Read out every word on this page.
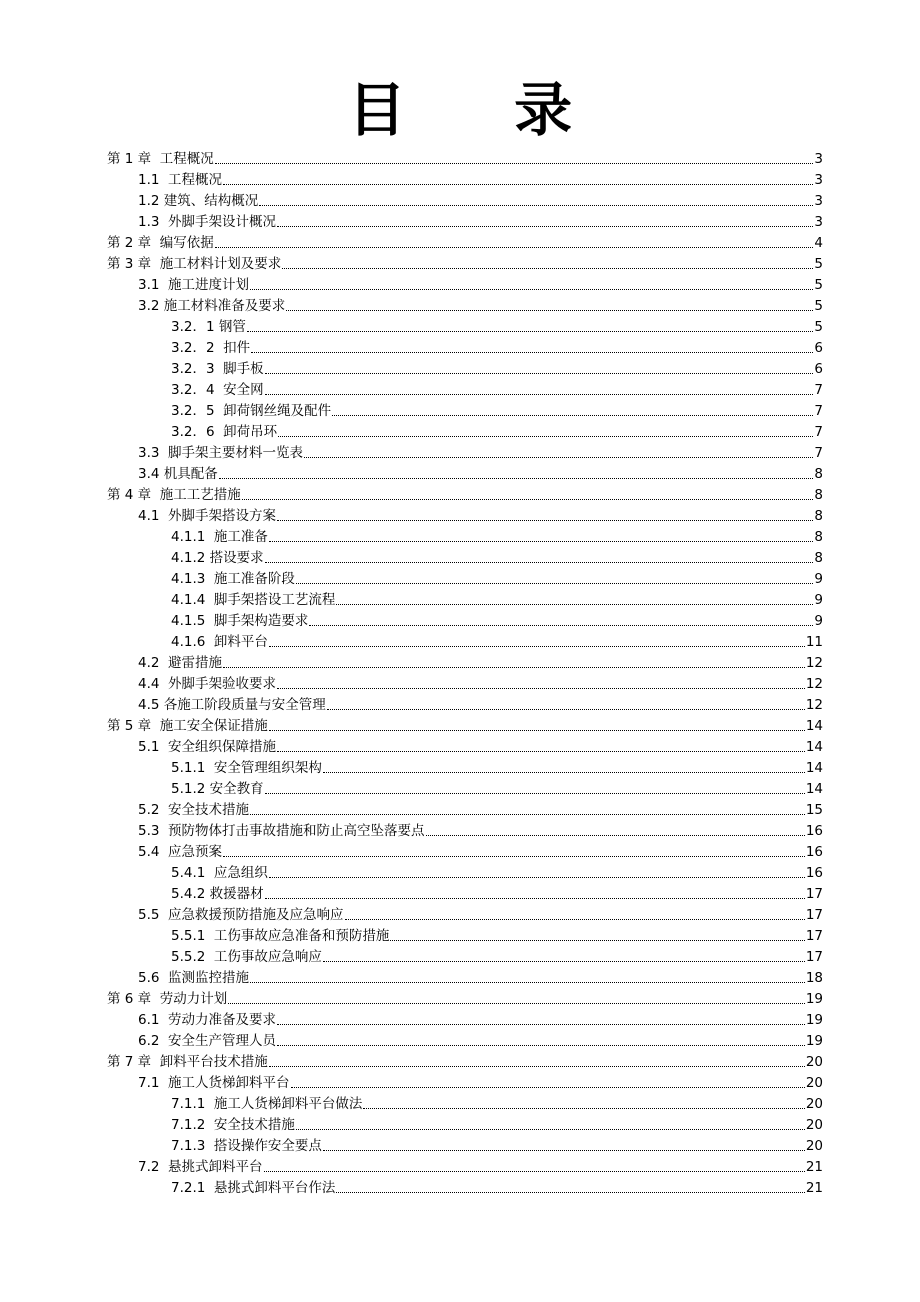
目 录
第 1 章  工程概况	3
1.1  工程概况	3
1.2 建筑、结构概况	3
1.3  外脚手架设计概况	3
第 2 章  编写依据	4
第 3 章  施工材料计划及要求	5
3.1  施工进度计划	5
3.2 施工材料准备及要求	5
3.2．1 钢管	5
3.2．2  扣件	6
3.2．3  脚手板	6
3.2．4  安全网	7
3.2．5  卸荷钢丝绳及配件	7
3.2．6  卸荷吊环	7
3.3  脚手架主要材料一览表	7
3.4 机具配备	8
第 4 章  施工工艺措施	8
4.1  外脚手架搭设方案	8
4.1.1  施工准备	8
4.1.2 搭设要求	8
4.1.3  施工准备阶段	9
4.1.4  脚手架搭设工艺流程	9
4.1.5  脚手架构造要求	9
4.1.6  卸料平台	11
4.2  避雷措施	12
4.4  外脚手架验收要求	12
4.5 各施工阶段质量与安全管理	12
第 5 章  施工安全保证措施	14
5.1  安全组织保障措施	14
5.1.1  安全管理组织架构	14
5.1.2 安全教育	14
5.2  安全技术措施	15
5.3  预防物体打击事故措施和防止高空坠落要点	16
5.4  应急预案	16
5.4.1  应急组织	16
5.4.2 救援器材	17
5.5  应急救援预防措施及应急响应	17
5.5.1  工伤事故应急准备和预防措施	17
5.5.2  工伤事故应急响应	17
5.6  监测监控措施	18
第 6 章  劳动力计划	19
6.1  劳动力准备及要求	19
6.2  安全生产管理人员	19
第 7 章  卸料平台技术措施	20
7.1  施工人货梯卸料平台	20
7.1.1  施工人货梯卸料平台做法	20
7.1.2  安全技术措施	20
7.1.3  搭设操作安全要点	20
7.2  悬挑式卸料平台	21
7.2.1  悬挑式卸料平台作法	21
